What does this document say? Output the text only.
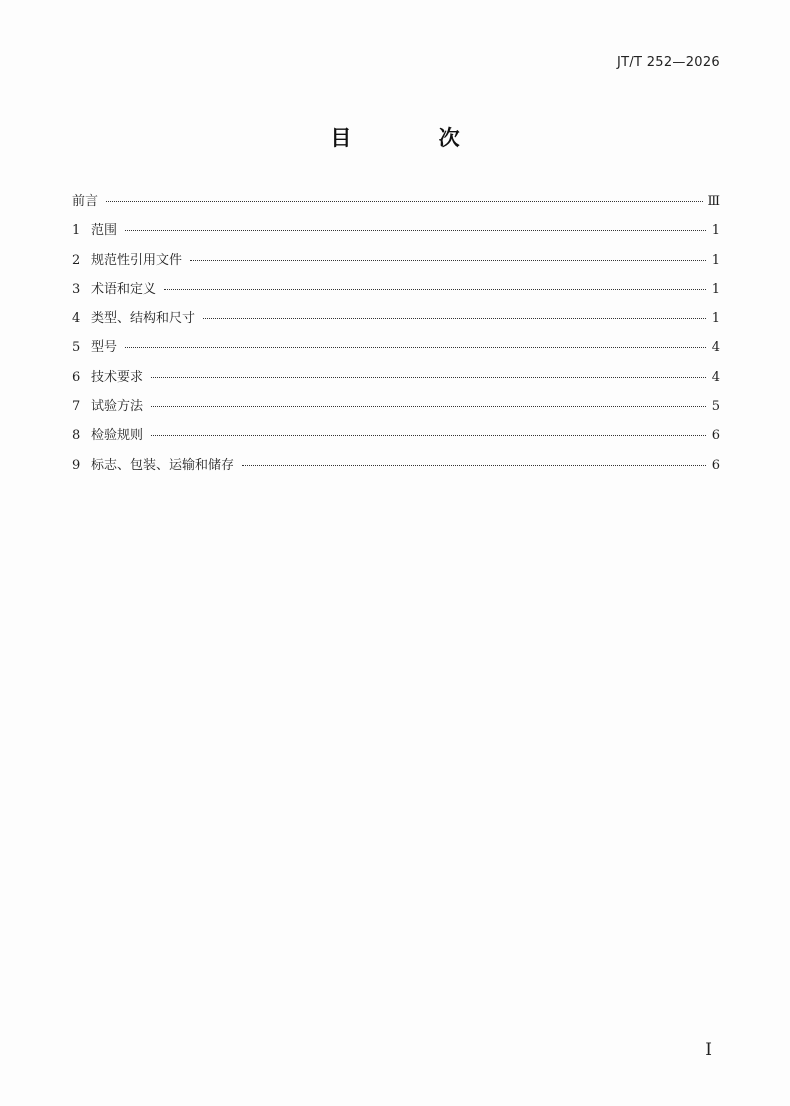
JT/T 252—2026
目 次
前言	Ⅲ
1 范围	1
2 规范性引用文件	1
3 术语和定义	1
4 类型、结构和尺寸	1
5 型号	4
6 技术要求	4
7 试验方法	5
8 检验规则	6
9 标志、包装、运输和储存	6
Ⅰ
